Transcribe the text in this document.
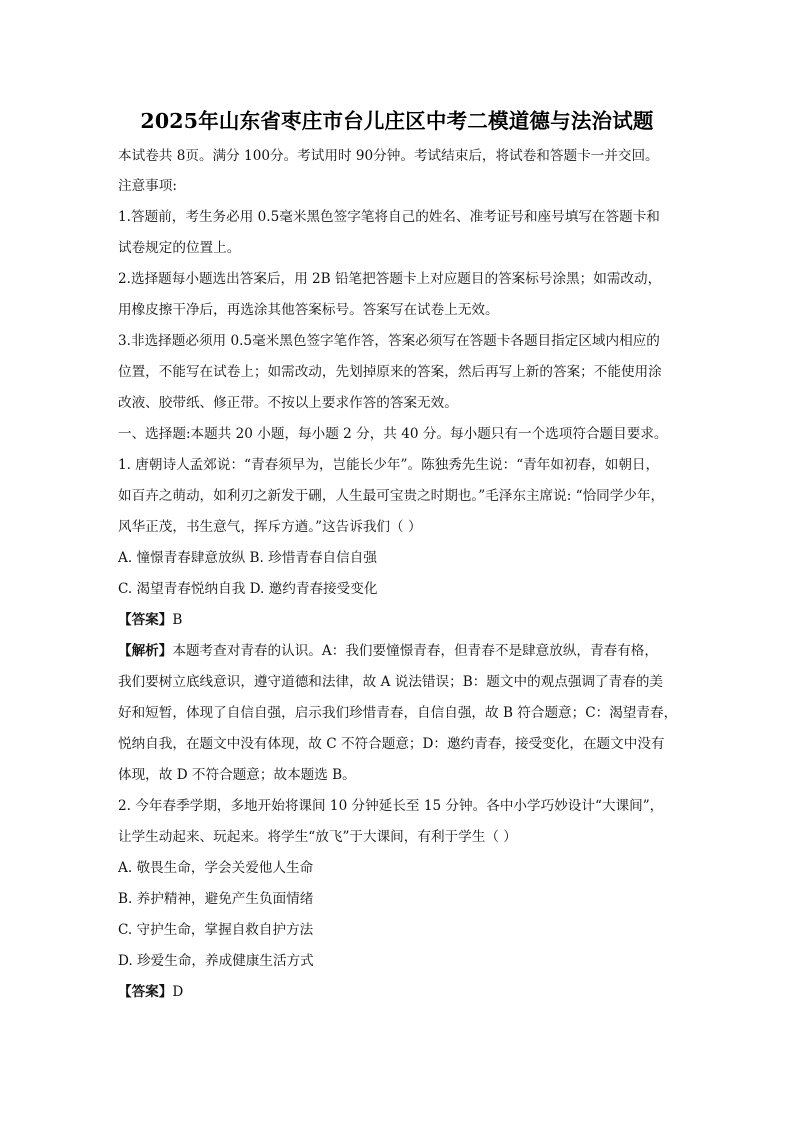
2025年山东省枣庄市台儿庄区中考二模道德与法治试题
本试卷共 8页。满分 100分。考试用时 90分钟。考试结束后，将试卷和答题卡一并交回。
注意事项:
1.答题前，考生务必用 0.5毫米黑色签字笔将自己的姓名、准考证号和座号填写在答题卡和
试卷规定的位置上。
2.选择题每小题选出答案后，用 2B 铅笔把答题卡上对应题目的答案标号涂黑；如需改动，
用橡皮擦干净后，再选涂其他答案标号。答案写在试卷上无效。
3.非选择题必须用 0.5毫米黑色签字笔作答，答案必须写在答题卡各题目指定区域内相应的
位置，不能写在试卷上；如需改动，先划掉原来的答案，然后再写上新的答案；不能使用涂
改液、胶带纸、修正带。不按以上要求作答的答案无效。
一、选择题:本题共 20 小题，每小题 2 分，共 40 分。每小题只有一个选项符合题目要求。
1. 唐朝诗人孟郊说：“青春须早为，岂能长少年”。陈独秀先生说：“青年如初春，如朝日，
如百卉之萌动，如利刃之新发于硎，人生最可宝贵之时期也。”毛泽东主席说: “恰同学少年，
风华正茂，书生意气，挥斥方遒。”这告诉我们（ ）
A. 憧憬青春肆意放纵 B. 珍惜青春自信自强
C. 渴望青春悦纳自我 D. 邀约青春接受变化
【答案】B
【解析】本题考查对青春的认识。A：我们要憧憬青春，但青春不是肆意放纵，青春有格，
我们要树立底线意识，遵守道德和法律，故 A 说法错误；B：题文中的观点强调了青春的美
好和短暂，体现了自信自强，启示我们珍惜青春，自信自强，故 B 符合题意；C：渴望青春，
悦纳自我，在题文中没有体现，故 C 不符合题意；D：邀约青春，接受变化，在题文中没有
体现，故 D 不符合题意；故本题选 B。
2. 今年春季学期，多地开始将课间 10 分钟延长至 15 分钟。各中小学巧妙设计“大课间”，
让学生动起来、玩起来。将学生“放飞”于大课间，有利于学生（ ）
A. 敬畏生命，学会关爱他人生命
B. 养护精神，避免产生负面情绪
C. 守护生命，掌握自救自护方法
D. 珍爱生命，养成健康生活方式
【答案】D
